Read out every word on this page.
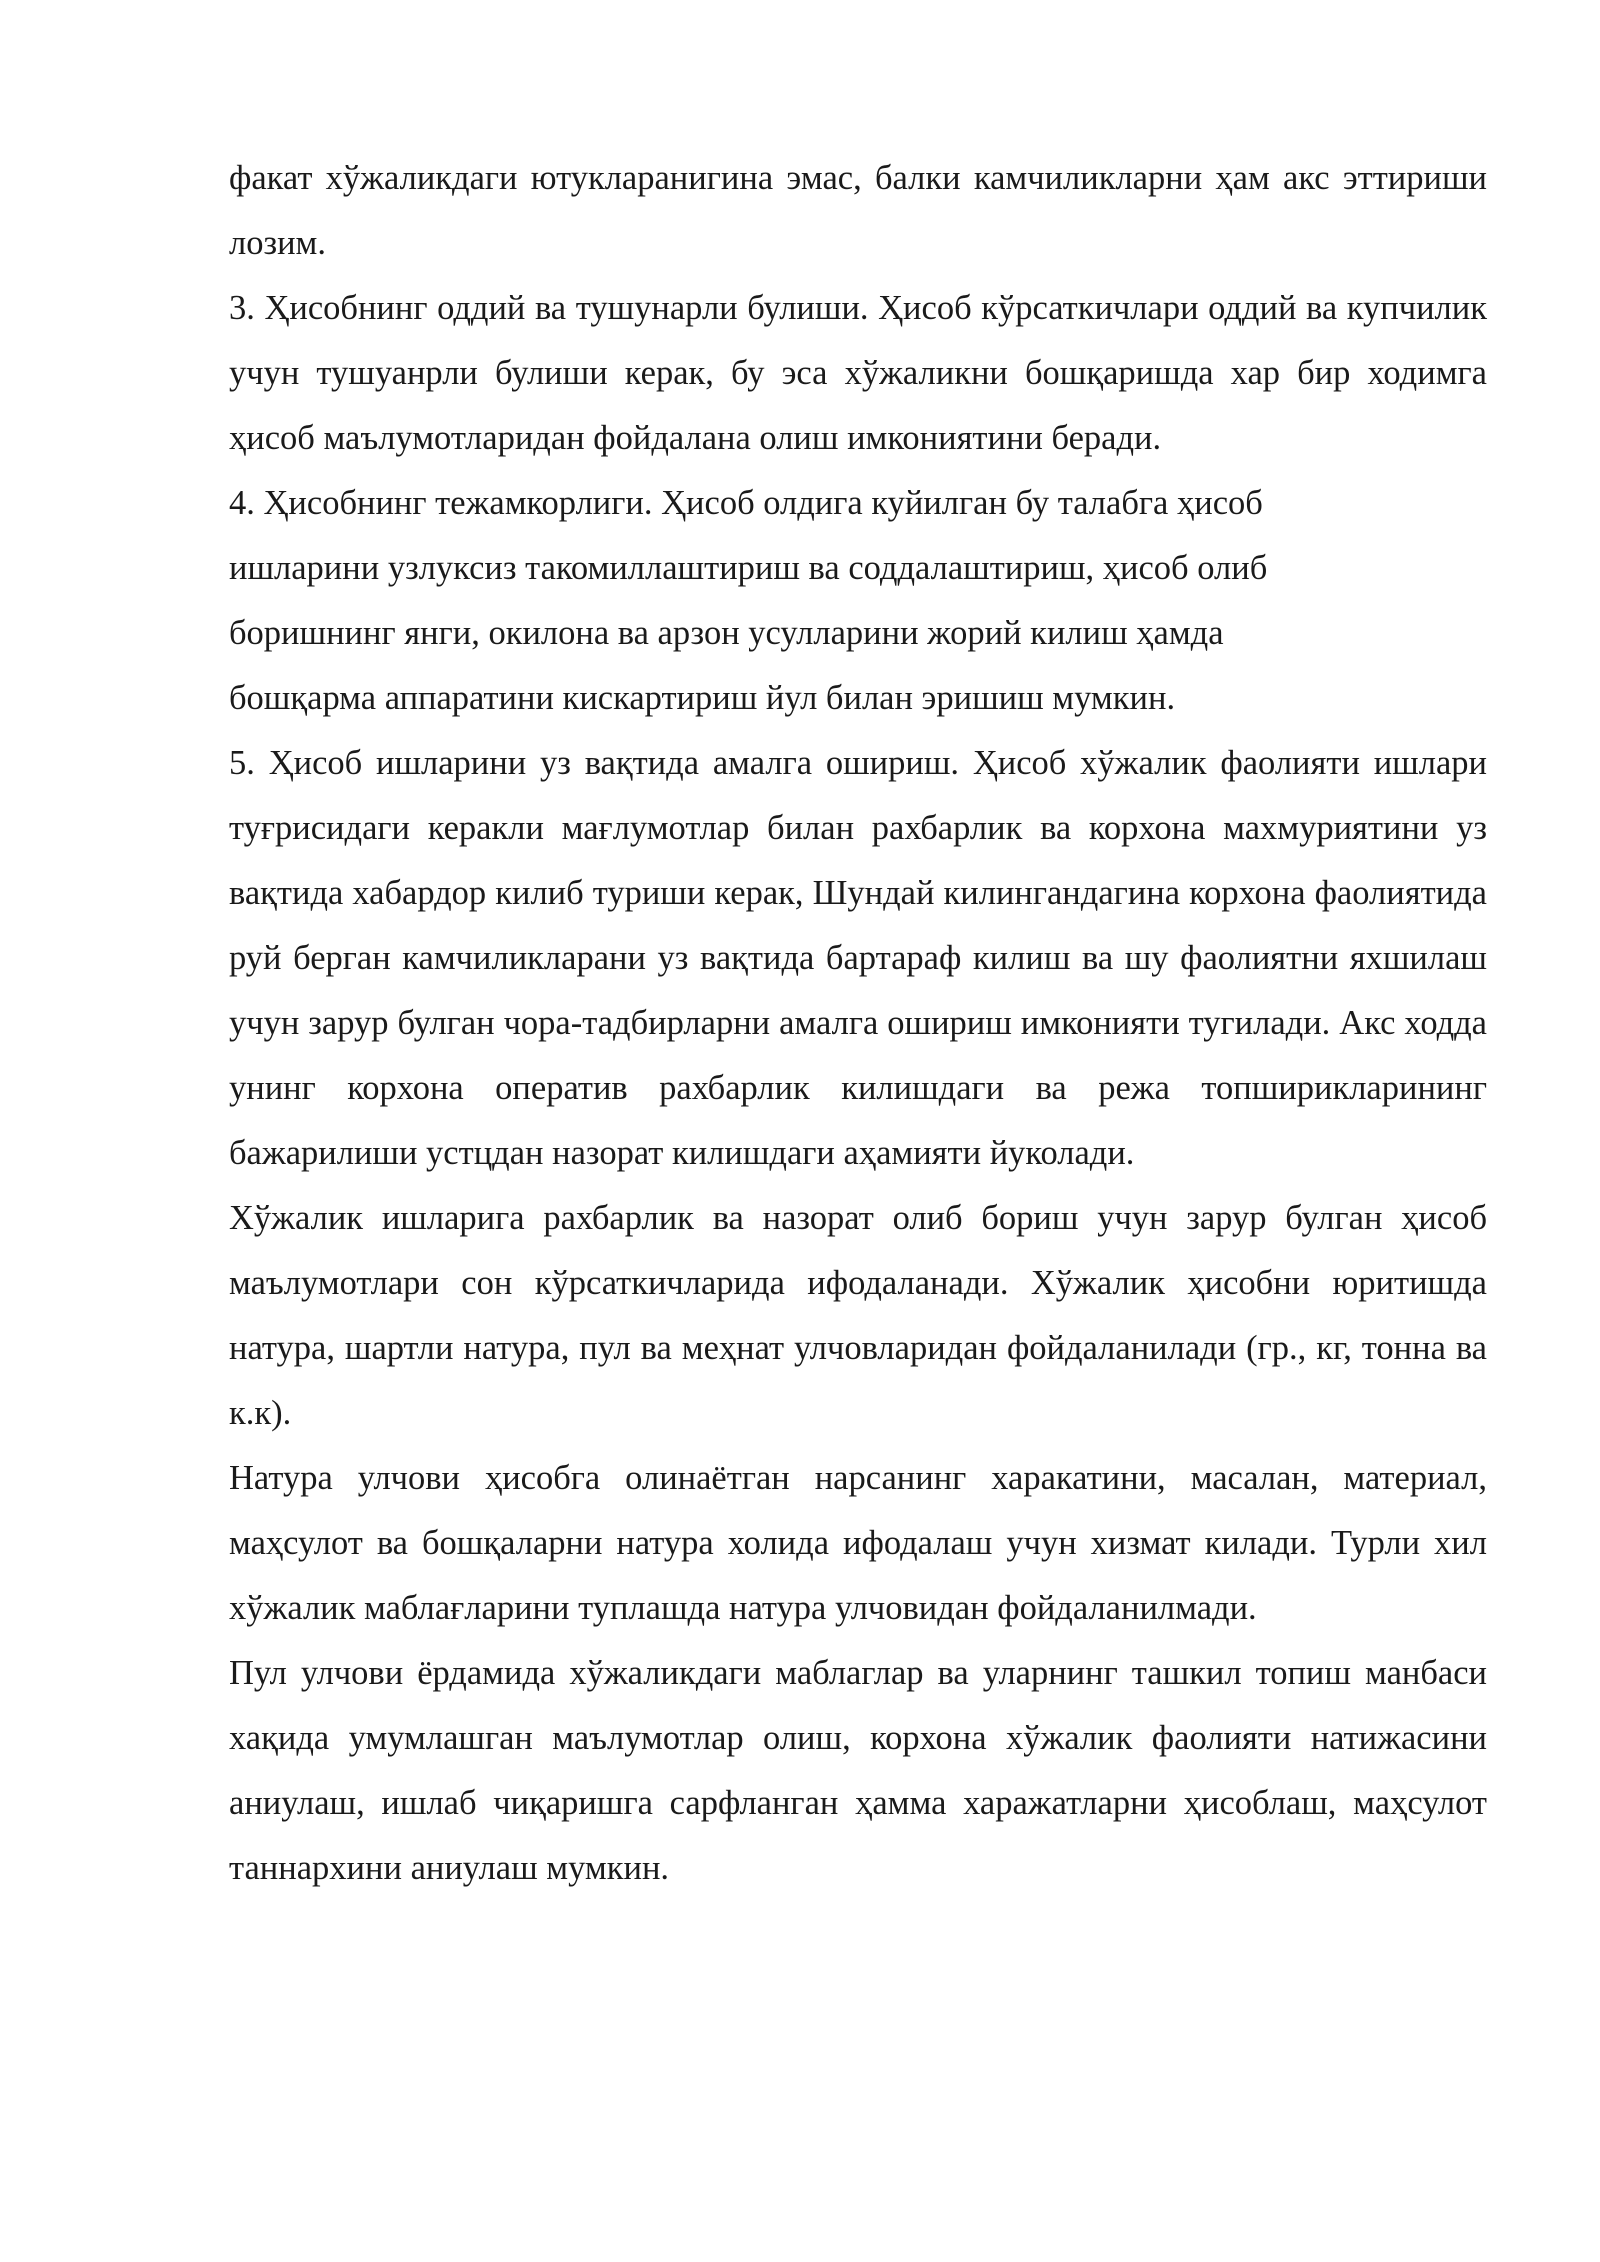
факат хўжаликдаги ютукларанигина эмас, балки камчиликларни ҳам акс эттириши лозим.

3. Ҳисобнинг оддий ва тушунарли булиши. Ҳисоб кўрсаткичлари оддий ва купчилик учун тушуанрли булиши керак, бу эса хўжаликни бошқаришда хар бир ходимга ҳисоб маълумотларидан фойдалана олиш имкониятини беради.

4. Ҳисобнинг тежамкорлиги. Ҳисоб олдига куйилган бу талабга ҳисоб
ишларини узлуксиз такомиллаштириш ва соддалаштириш, ҳисоб олиб
боришнинг янги, окилона ва арзон усулларини жорий килиш ҳамда
бошқарма аппаратини кискартириш йул билан эришиш мумкин.

5. Ҳисоб ишларини уз вақтида амалга ошириш. Ҳисоб хўжалик фаолияти ишлари туғрисидаги керакли мағлумотлар билан рахбарлик ва корхона махмуриятини уз вақтида хабардор килиб туриши керак, Шундай килингандагина корхона фаолиятида руй берган камчиликларани уз вақтида бартараф килиш ва шу фаолиятни яхшилаш учун зарур булган чора-тадбирларни амалга ошириш имконияти тугилади. Акс ходда унинг корхона оператив рахбарлик килишдаги ва режа топширикларининг бажарилиши устцдан назорат килишдаги аҳамияти йуколади.

Хўжалик ишларига рахбарлик ва назорат олиб бориш учун зарур булган ҳисоб маълумотлари сон кўрсаткичларида ифодаланади. Хўжалик ҳисобни юритишда натура, шартли натура, пул ва меҳнат улчовларидан фойдаланилади (гр., кг, тонна ва к.к).

Натура улчови ҳисобга олинаётган нарсанинг харакатини, масалан, материал, маҳсулот ва бошқаларни натура холида ифодалаш учун хизмат килади. Турли хил хўжалик маблағларини туплашда натура улчовидан фойдаланилмади.

Пул улчови ёрдамида хўжаликдаги маблаглар ва уларнинг ташкил топиш манбаси хақида умумлашган маълумотлар олиш, корхона хўжалик фаолияти натижасини аниулаш, ишлаб чиқаришга сарфланган ҳамма харажатларни ҳисоблаш, маҳсулот таннархини аниулаш мумкин.
